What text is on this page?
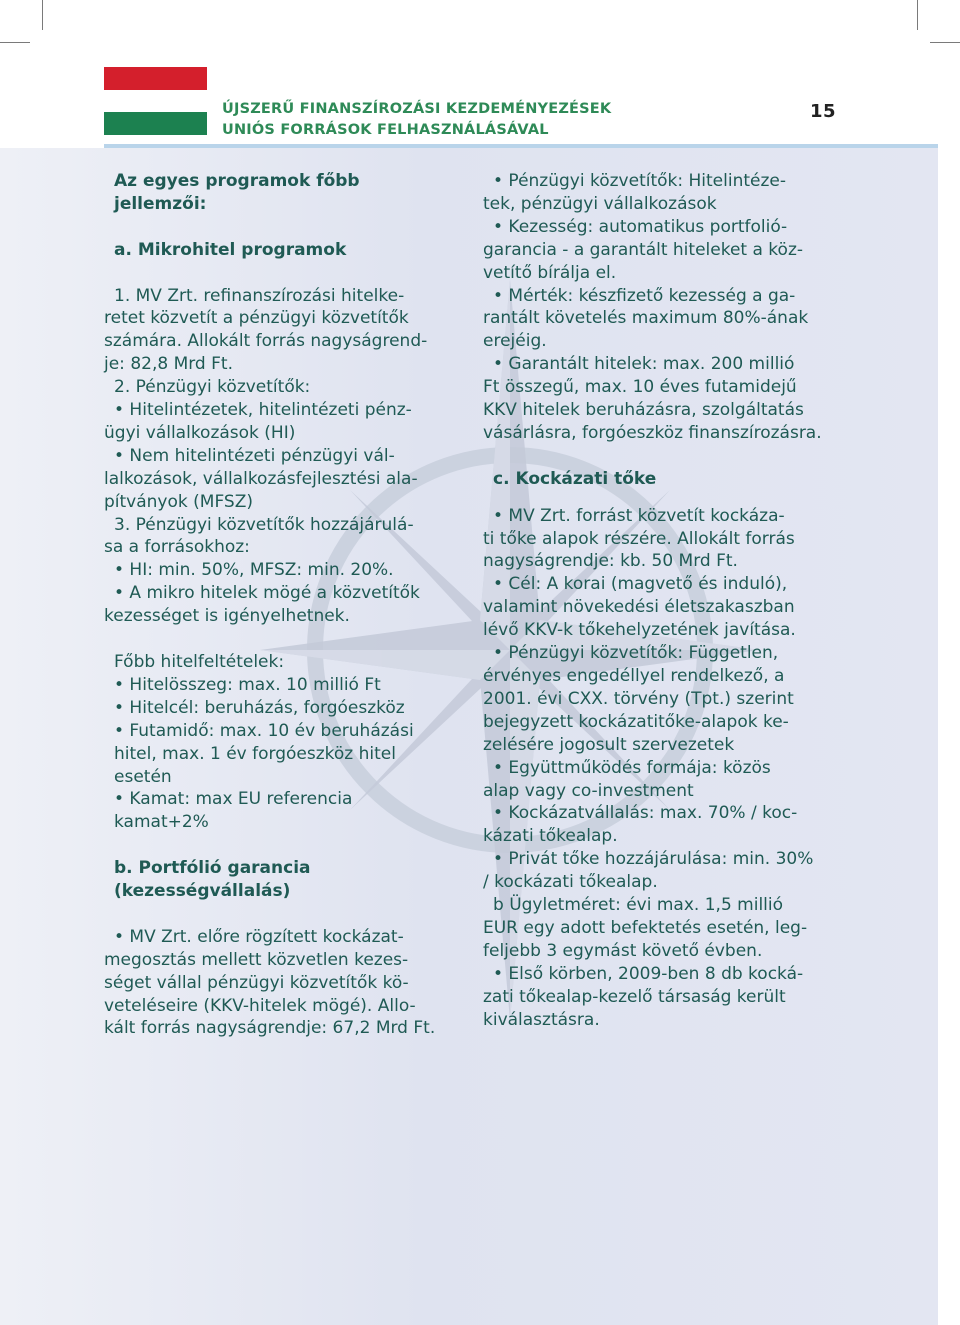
ÚJSZERŰ FINANSZÍROZÁSI KEZDEMÉNYEZÉSEK
UNIÓS FORRÁSOK FELHASZNÁLÁSÁVAL
15

Az egyes programok főbb

jellemzői:

a. Mikrohitel programok

1. MV Zrt. refinanszírozási hitelke-

retet közvetít a pénzügyi közvetítők

számára. Allokált forrás nagyságrend-

je: 82,8 Mrd Ft.

2. Pénzügyi közvetítők:

• Hitelintézetek, hitelintézeti pénz-

ügyi vállalkozások (HI)

• Nem hitelintézeti pénzügyi vál-

lalkozások, vállalkozásfejlesztési ala-

pítványok (MFSZ)

3. Pénzügyi közvetítők hozzájárulá-

sa a forrásokhoz:

• HI: min. 50%, MFSZ: min. 20%.

• A mikro hitelek mögé a közvetítők

kezességet is igényelhetnek.

Főbb hitelfeltételek:

• Hitelösszeg: max. 10 millió Ft

• Hitelcél: beruházás, forgóeszköz

• Futamidő: max. 10 év beruházási

hitel, max. 1 év forgóeszköz hitel

esetén

• Kamat: max EU referencia

kamat+2%

b. Portfólió garancia

(kezességvállalás)

• MV Zrt. előre rögzített kockázat-

megosztás mellett közvetlen kezes-

séget vállal pénzügyi közvetítők kö-

veteléseire (KKV-hitelek mögé). Allo-

kált forrás nagyságrendje: 67,2 Mrd Ft.

• Pénzügyi közvetítők: Hitelintéze-

tek, pénzügyi vállalkozások

• Kezesség: automatikus portfolió-

garancia - a garantált hiteleket a köz-

vetítő bírálja el.

• Mérték: készfizető kezesség a ga-

rantált követelés maximum 80%-ának

erejéig.

• Garantált hitelek: max. 200 millió

Ft összegű, max. 10 éves futamidejű

KKV hitelek beruházásra, szolgáltatás

vásárlásra, forgóeszköz finanszírozásra.

c. Kockázati tőke

• MV Zrt. forrást közvetít kockáza-

ti tőke alapok részére. Allokált forrás

nagyságrendje: kb. 50 Mrd Ft.

• Cél: A korai (magvető és induló),

valamint növekedési életszakaszban

lévő KKV-k tőkehelyzetének javítása.

• Pénzügyi közvetítők: Független,

érvényes engedéllyel rendelkező, a

2001. évi CXX. törvény (Tpt.) szerint

bejegyzett kockázatitőke-alapok ke-

zelésére jogosult szervezetek

• Együttműködés formája: közös

alap vagy co-investment

• Kockázatvállalás: max. 70% / koc-

kázati tőkealap.

• Privát tőke hozzájárulása: min. 30%

/ kockázati tőkealap.

b Ügyletméret: évi max. 1,5 millió

EUR egy adott befektetés esetén, leg-

feljebb 3 egymást követő évben.

• Első körben, 2009-ben 8 db kocká-

zati tőkealap-kezelő társaság került

kiválasztásra.
